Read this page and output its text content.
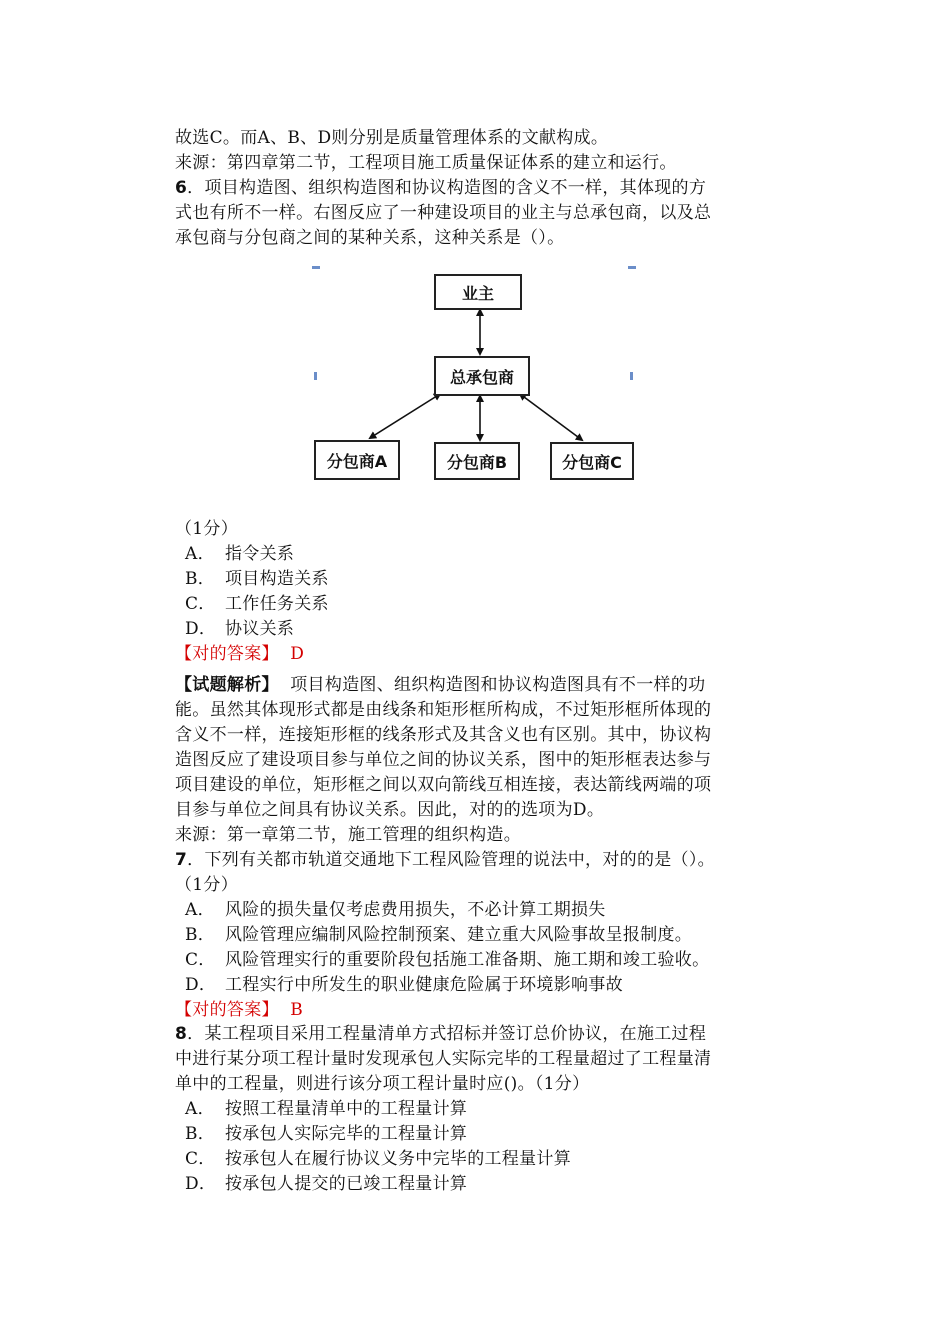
故选C。而A、B、D则分别是质量管理体系的文献构成。
来源：第四章第二节，工程项目施工质量保证体系的建立和运行。
6．项目构造图、组织构造图和协议构造图的含义不一样，其体现的方
式也有所不一样。右图反应了一种建设项目的业主与总承包商，以及总
承包商与分包商之间的某种关系，这种关系是（）。
业主
总承包商
分包商A	分包商B	分包商C
（1分）
A． 指令关系
B． 项目构造关系
C． 工作任务关系
D． 协议关系
【对的答案】 D
【试题解析】 项目构造图、组织构造图和协议构造图具有不一样的功
能。虽然其体现形式都是由线条和矩形框所构成，不过矩形框所体现的
含义不一样，连接矩形框的线条形式及其含义也有区别。其中，协议构
造图反应了建设项目参与单位之间的协议关系，图中的矩形框表达参与
项目建设的单位，矩形框之间以双向箭线互相连接，表达箭线两端的项
目参与单位之间具有协议关系。因此，对的的选项为D。
来源：第一章第二节，施工管理的组织构造。
7．下列有关都市轨道交通地下工程风险管理的说法中，对的的是（）。
（1分）
A． 风险的损失量仅考虑费用损失，不必计算工期损失
B． 风险管理应编制风险控制预案、建立重大风险事故呈报制度。
C． 风险管理实行的重要阶段包括施工准备期、施工期和竣工验收。
D． 工程实行中所发生的职业健康危险属于环境影响事故
【对的答案】 B
8．某工程项目采用工程量清单方式招标并签订总价协议，在施工过程
中进行某分项工程计量时发现承包人实际完毕的工程量超过了工程量清
单中的工程量，则进行该分项工程计量时应()。（1分）
A． 按照工程量清单中的工程量计算
B． 按承包人实际完毕的工程量计算
C． 按承包人在履行协议义务中完毕的工程量计算
D． 按承包人提交的已竣工程量计算
